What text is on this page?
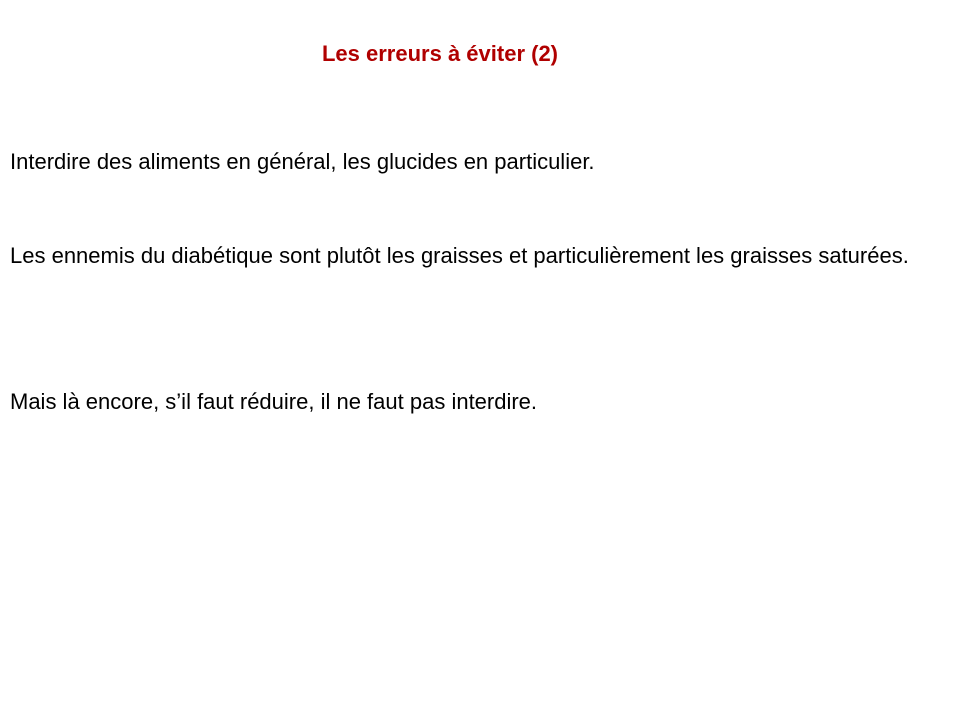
Les erreurs à éviter (2)

Interdire des aliments en général, les glucides en particulier.

Les ennemis du diabétique sont plutôt les graisses et particulièrement les graisses saturées.

Mais là encore, s’il faut réduire, il ne faut pas interdire.
